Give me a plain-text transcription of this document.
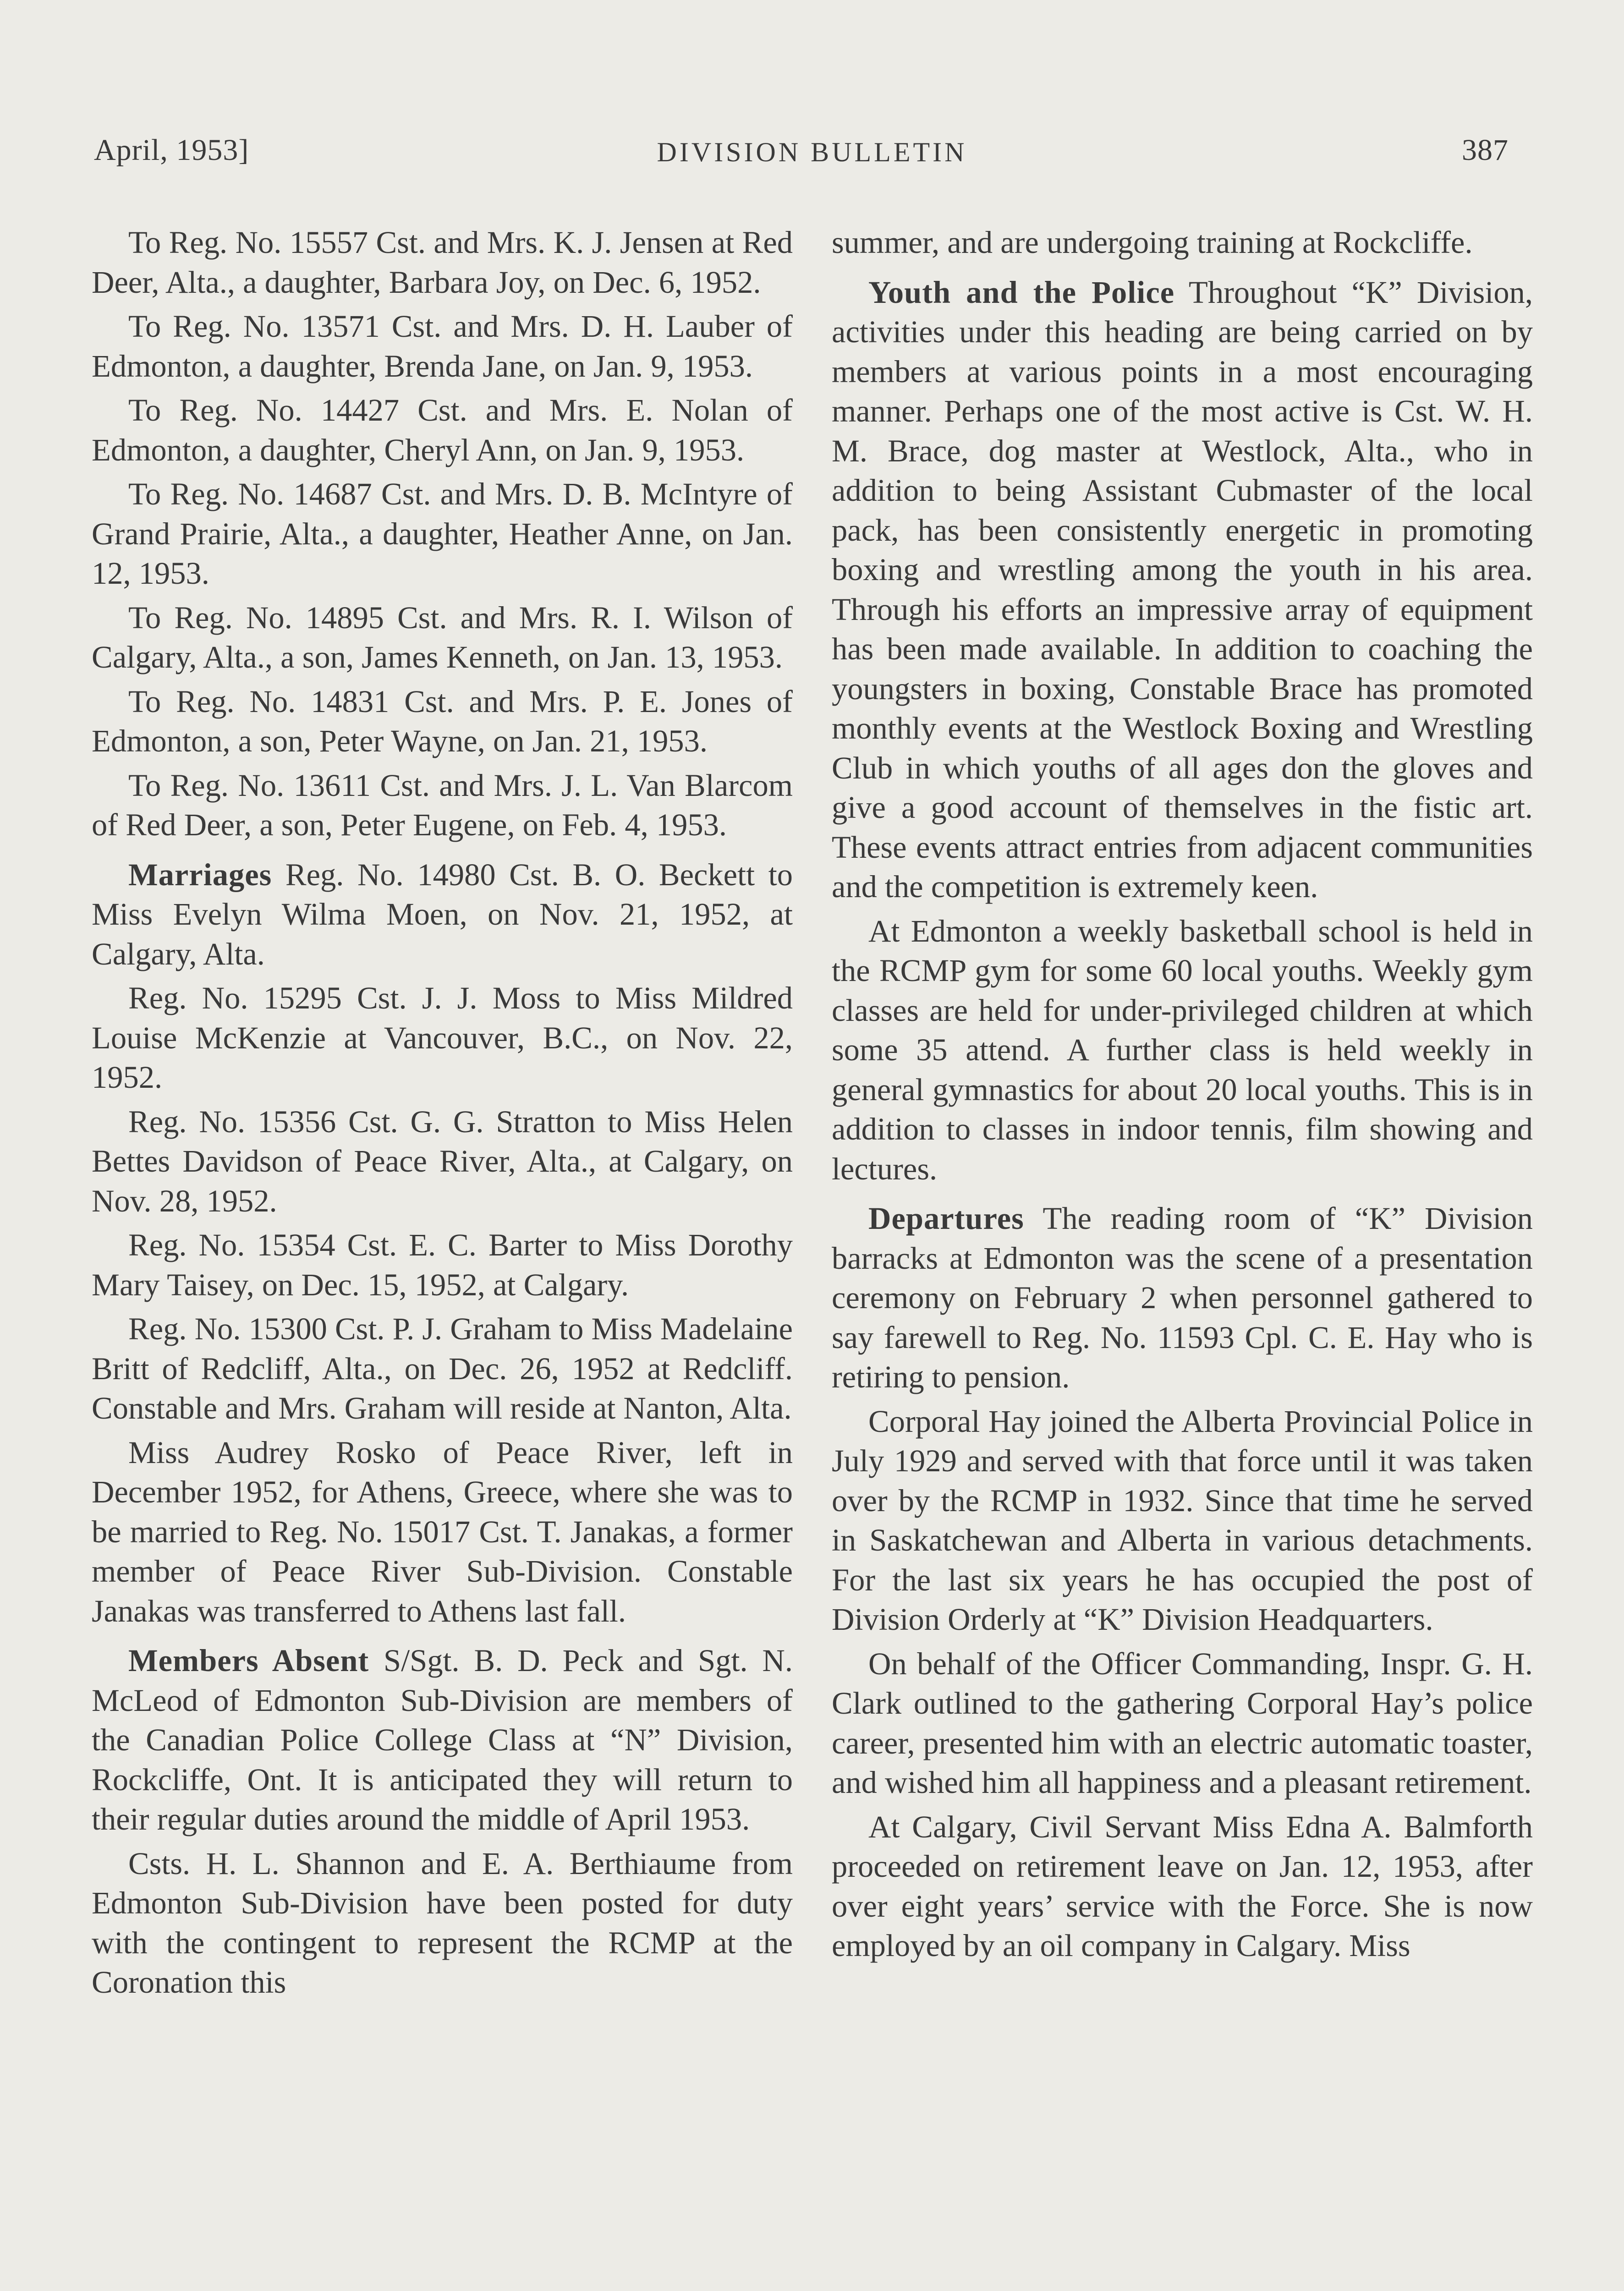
April, 1953]	DIVISION BULLETIN	387

To Reg. No. 15557 Cst. and Mrs. K. J. Jensen at Red Deer, Alta., a daughter, Barbara Joy, on Dec. 6, 1952.

To Reg. No. 13571 Cst. and Mrs. D. H. Lauber of Edmonton, a daughter, Brenda Jane, on Jan. 9, 1953.

To Reg. No. 14427 Cst. and Mrs. E. Nolan of Edmonton, a daughter, Cheryl Ann, on Jan. 9, 1953.

To Reg. No. 14687 Cst. and Mrs. D. B. McIntyre of Grand Prairie, Alta., a daughter, Heather Anne, on Jan. 12, 1953.

To Reg. No. 14895 Cst. and Mrs. R. I. Wilson of Calgary, Alta., a son, James Kenneth, on Jan. 13, 1953.

To Reg. No. 14831 Cst. and Mrs. P. E. Jones of Edmonton, a son, Peter Wayne, on Jan. 21, 1953.

To Reg. No. 13611 Cst. and Mrs. J. L. Van Blarcom of Red Deer, a son, Peter Eugene, on Feb. 4, 1953.

Marriages Reg. No. 14980 Cst. B. O. Beckett to Miss Evelyn Wilma Moen, on Nov. 21, 1952, at Calgary, Alta.

Reg. No. 15295 Cst. J. J. Moss to Miss Mildred Louise McKenzie at Vancouver, B.C., on Nov. 22, 1952.

Reg. No. 15356 Cst. G. G. Stratton to Miss Helen Bettes Davidson of Peace River, Alta., at Calgary, on Nov. 28, 1952.

Reg. No. 15354 Cst. E. C. Barter to Miss Dorothy Mary Taisey, on Dec. 15, 1952, at Calgary.

Reg. No. 15300 Cst. P. J. Graham to Miss Madelaine Britt of Redcliff, Alta., on Dec. 26, 1952 at Redcliff. Constable and Mrs. Graham will reside at Nanton, Alta.

Miss Audrey Rosko of Peace River, left in December 1952, for Athens, Greece, where she was to be married to Reg. No. 15017 Cst. T. Janakas, a former member of Peace River Sub-Division. Constable Janakas was transferred to Athens last fall.

Members Absent S/Sgt. B. D. Peck and Sgt. N. McLeod of Edmonton Sub-Division are members of the Canadian Police College Class at “N” Division, Rockcliffe, Ont. It is anticipated they will return to their regular duties around the middle of April 1953.

Csts. H. L. Shannon and E. A. Berthiaume from Edmonton Sub-Division have been posted for duty with the contingent to represent the RCMP at the Coronation this

summer, and are undergoing training at Rockcliffe.

Youth and the Police Throughout “K” Division, activities under this heading are being carried on by members at various points in a most encouraging manner. Perhaps one of the most active is Cst. W. H. M. Brace, dog master at Westlock, Alta., who in addition to being Assistant Cubmaster of the local pack, has been consistently energetic in promoting boxing and wrestling among the youth in his area. Through his efforts an impressive array of equipment has been made available. In addition to coaching the youngsters in boxing, Constable Brace has promoted monthly events at the Westlock Boxing and Wrestling Club in which youths of all ages don the gloves and give a good account of themselves in the fistic art. These events attract entries from adjacent communities and the competition is extremely keen.

At Edmonton a weekly basketball school is held in the RCMP gym for some 60 local youths. Weekly gym classes are held for under-privileged children at which some 35 attend. A further class is held weekly in general gymnastics for about 20 local youths. This is in addition to classes in indoor tennis, film showing and lectures.

Departures The reading room of “K” Division barracks at Edmonton was the scene of a presentation ceremony on February 2 when personnel gathered to say farewell to Reg. No. 11593 Cpl. C. E. Hay who is retiring to pension.

Corporal Hay joined the Alberta Provincial Police in July 1929 and served with that force until it was taken over by the RCMP in 1932. Since that time he served in Saskatchewan and Alberta in various detachments. For the last six years he has occupied the post of Division Orderly at “K” Division Headquarters.

On behalf of the Officer Commanding, Inspr. G. H. Clark outlined to the gathering Corporal Hay’s police career, presented him with an electric automatic toaster, and wished him all happiness and a pleasant retirement.

At Calgary, Civil Servant Miss Edna A. Balmforth proceeded on retirement leave on Jan. 12, 1953, after over eight years’ service with the Force. She is now employed by an oil company in Calgary. Miss
